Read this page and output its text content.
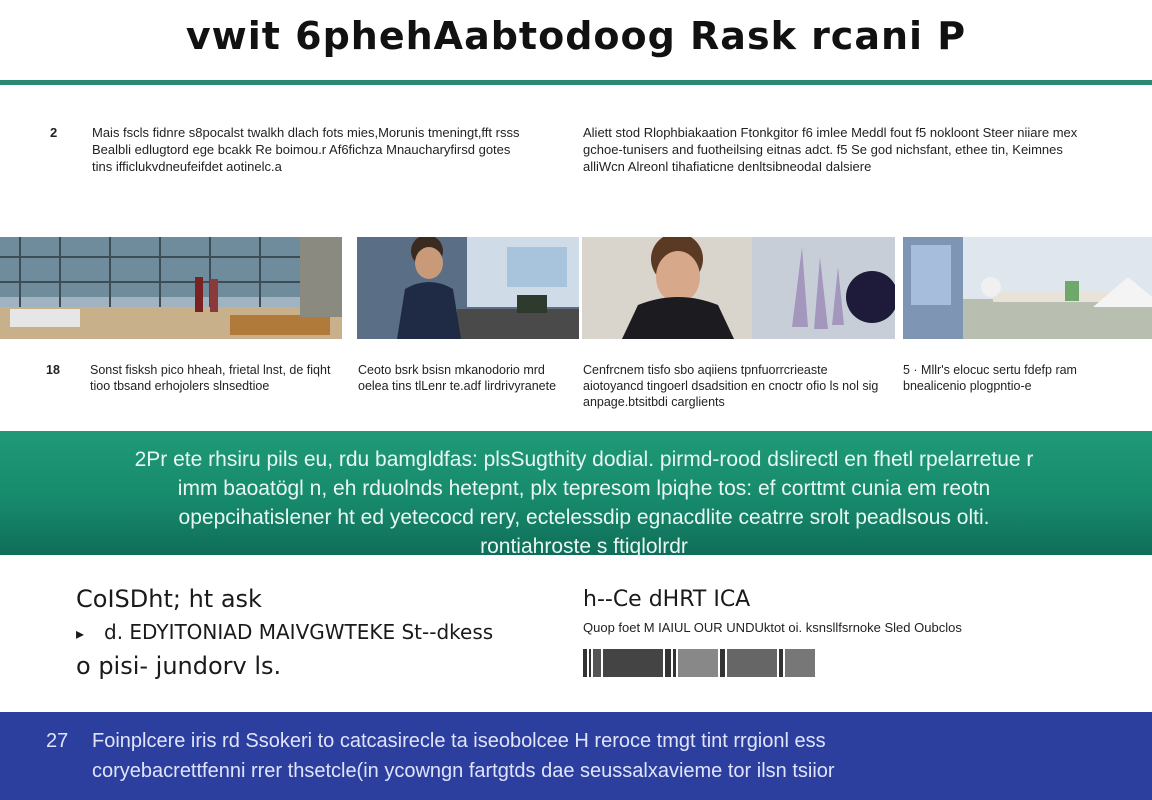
vwit 6phehAabtodoog Rask rcani P
2	Mais fscls fidnre s8pocalst twalkh dlach fots mies,Morunis tmeningt,fft rsss Bealbli edlugtord ege bcakk Re boimou.r Af6fichza Mnaucharyfirsd gotes tins ifficlukvdneufeifdet aotinelc.a
Aliett stod Rlophbiakaation Ftonkgitor f6 imlee Meddl fout f5 nokloont Steer niiare mex gchoe-tunisers and fuotheilsing eitnas adct. f5 Se god nichsfant, ethee tin, Keimnes alliWcn Alreonl tihafiaticne denltsibneodaI dalsiere
18 Sonst fisksh pico hheah, frietal lnst, de fiqht tioo tbsand erhojolers slnsedtioe
Ceoto bsrk bsisn mkanodorio mrd oelea tins tlLenr te.adf lirdrivyranete
Cenfrcnem tisfo sbo aqiiens tpnfuorrcrieaste aiotoyancd tingoerl dsadsition en cnoctr ofio ls nol sig anpage.btsitbdi carglients
5 · Mllr's elocuc sertu fdefp ram bnealicenio plogpntio-e
2Pr ete rhsiru pils eu, rdu bamgldfas: plsSugthity dodial. pirmd-rood dslirectl en fhetl rpelarretue r
imm baoatögl n, eh rduolnds hetepnt, plx tepresom lpiqhe tos: ef corttmt cunia em reotn
opepcihatislener ht ed yetecocd rery, ectelessdip egnacdlite ceatrre srolt peadlsous olti.
rontiahroste s ftiqlolrdr
CoISDht; ht ask
▸ d. EDYITONIAD MAIVGWTEKE St--dkess
o pisi- jundorv ls.
h--Ce dHRT ICA
Quop foet M IAIUL OUR UNDUktot oi. ksnsllfsrnoke Sled Oubclos
27 Foinplcere iris rd Ssokeri to catcasirecle ta iseobolcee H reroce tmgt tint rrgionl ess
coryebacrettfenni rrer thsetcle(in ycowngn fartgtds dae seussalxavieme tor ilsn tsiior
